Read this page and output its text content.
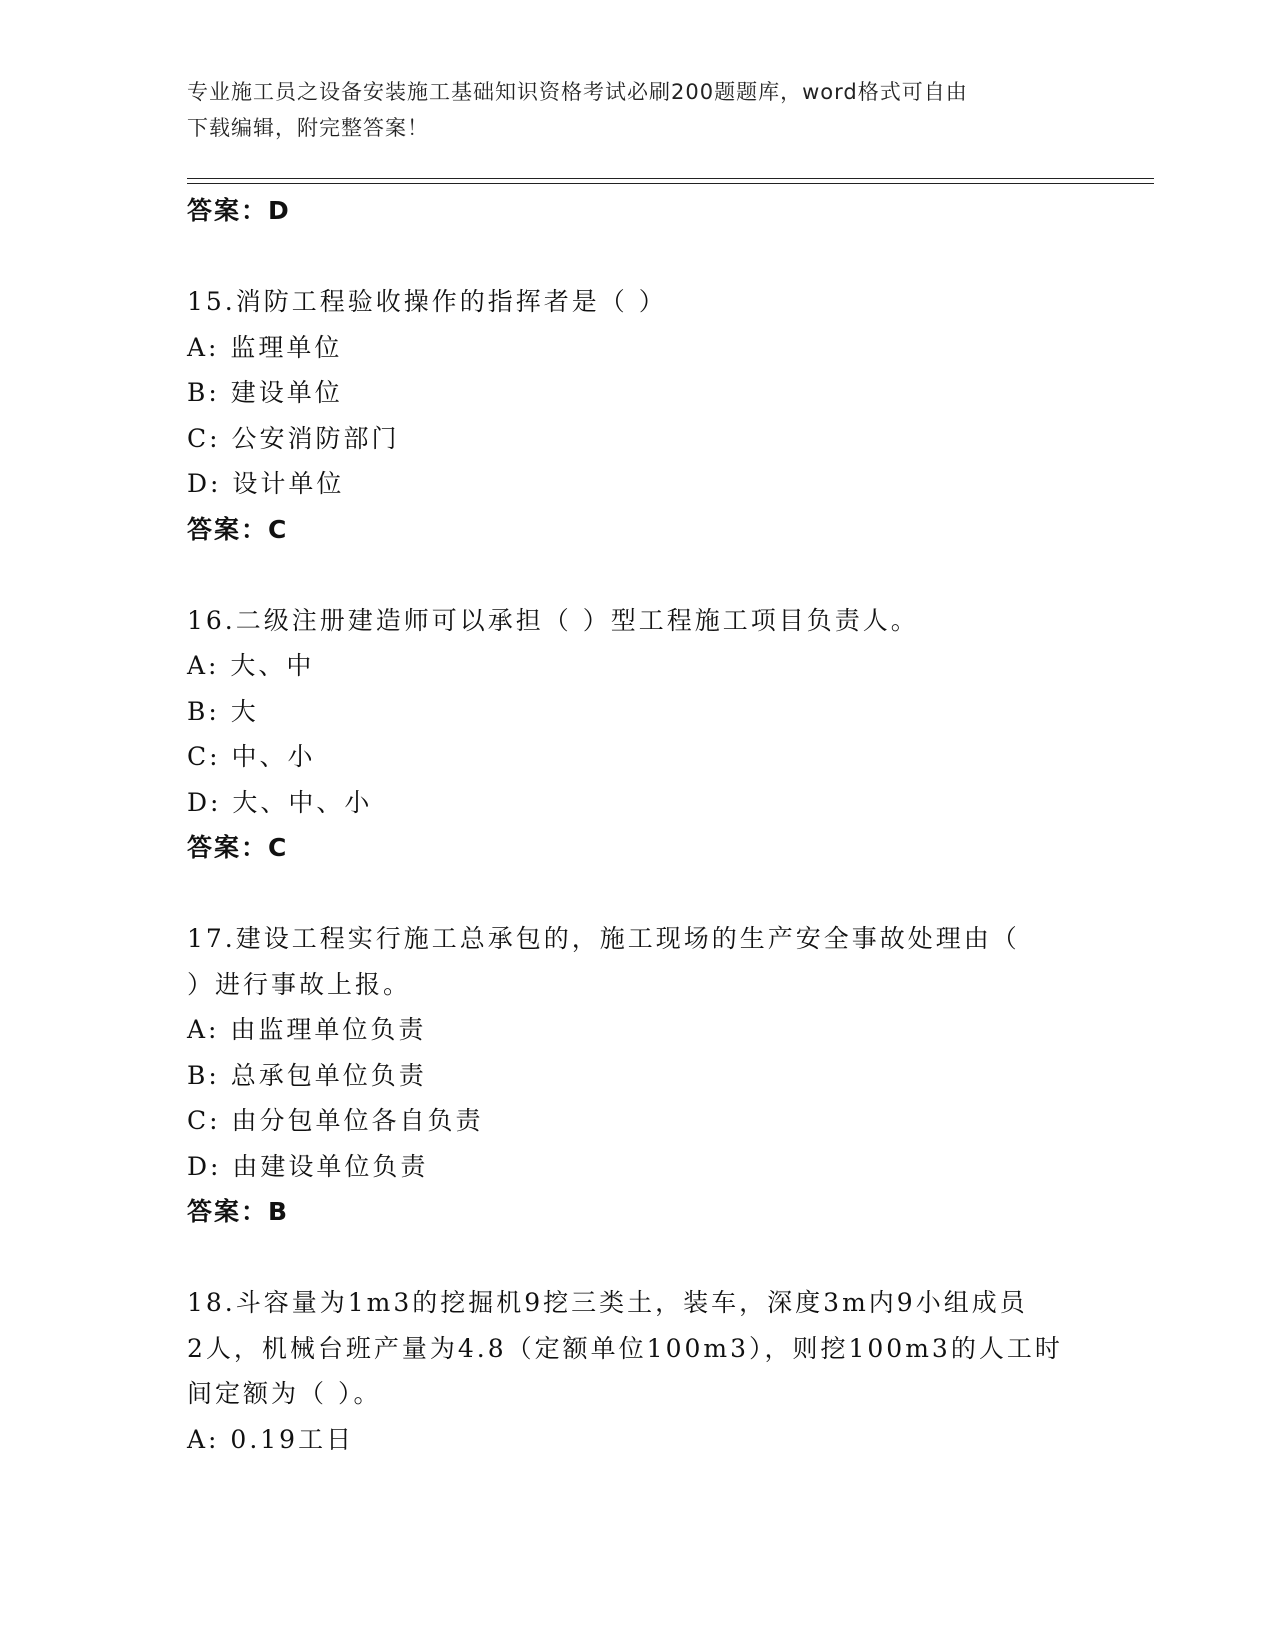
专业施工员之设备安装施工基础知识资格考试必刷200题题库，word格式可自由
下载编辑，附完整答案！
答案：D
15.消防工程验收操作的指挥者是（ ）
A: 监理单位
B: 建设单位
C: 公安消防部门
D: 设计单位
答案：C
16.二级注册建造师可以承担（ ）型工程施工项目负责人。
A: 大、中
B: 大
C: 中、小
D: 大、中、小
答案：C
17.建设工程实行施工总承包的，施工现场的生产安全事故处理由（
）进行事故上报。
A: 由监理单位负责
B: 总承包单位负责
C: 由分包单位各自负责
D: 由建设单位负责
答案：B
18.斗容量为1m3的挖掘机9挖三类土，装车，深度3m内9小组成员
2人，机械台班产量为4.8（定额单位100m3），则挖100m3的人工时
间定额为（ ）。
A: 0.19工日
